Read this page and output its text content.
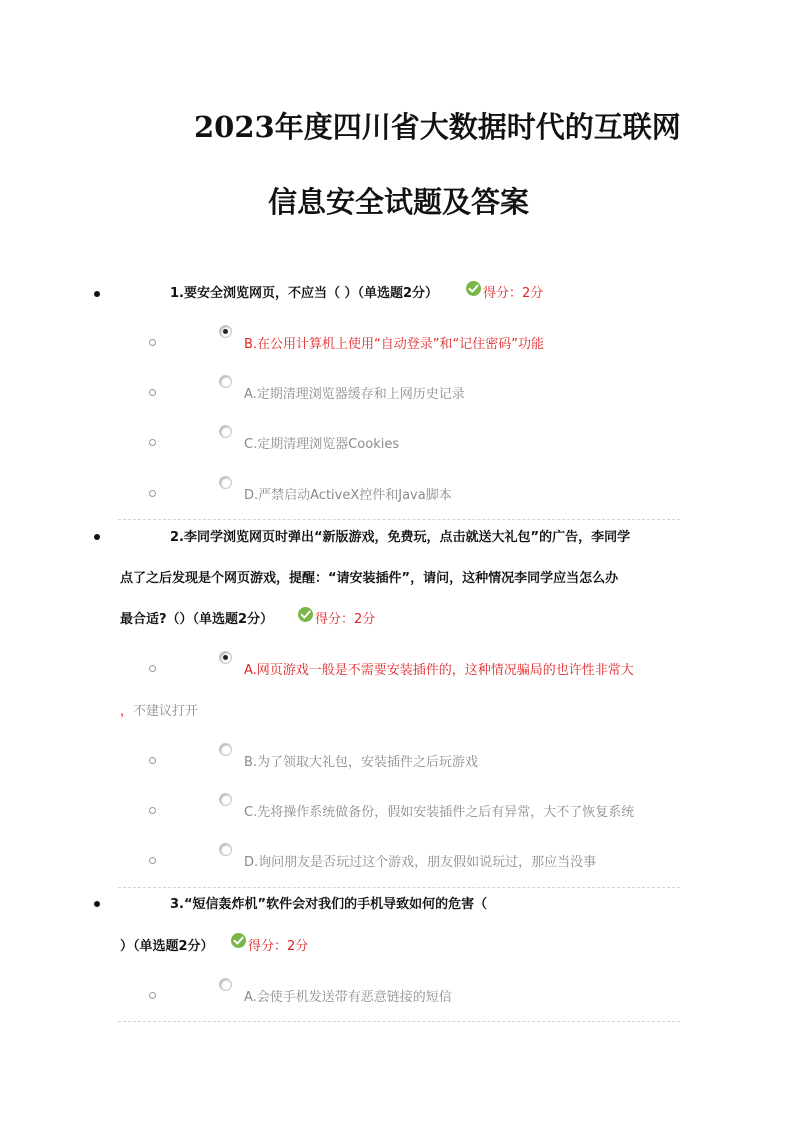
2023年度四川省大数据时代的互联网
信息安全试题及答案
1.要安全浏览网页，不应当（ ）（单选题2分）	得分：2分
B.在公用计算机上使用“自动登录”和“记住密码”功能
A.定期清理浏览器缓存和上网历史记录
C.定期清理浏览器Cookies
D.严禁启动ActiveX控件和Java脚本
2.李同学浏览网页时弹出“新版游戏，免费玩，点击就送大礼包”的广告，李同学
点了之后发现是个网页游戏，提醒：“请安装插件”，请问，这种情况李同学应当怎么办
最合适?（）（单选题2分）	得分：2分
A.网页游戏一般是不需要安装插件的，这种情况骗局的也许性非常大
，不建议打开
B.为了领取大礼包，安装插件之后玩游戏
C.先将操作系统做备份，假如安装插件之后有异常，大不了恢复系统
D.询问朋友是否玩过这个游戏，朋友假如说玩过，那应当没事
3.“短信轰炸机”软件会对我们的手机导致如何的危害（
）（单选题2分）	得分：2分
A.会使手机发送带有恶意链接的短信
